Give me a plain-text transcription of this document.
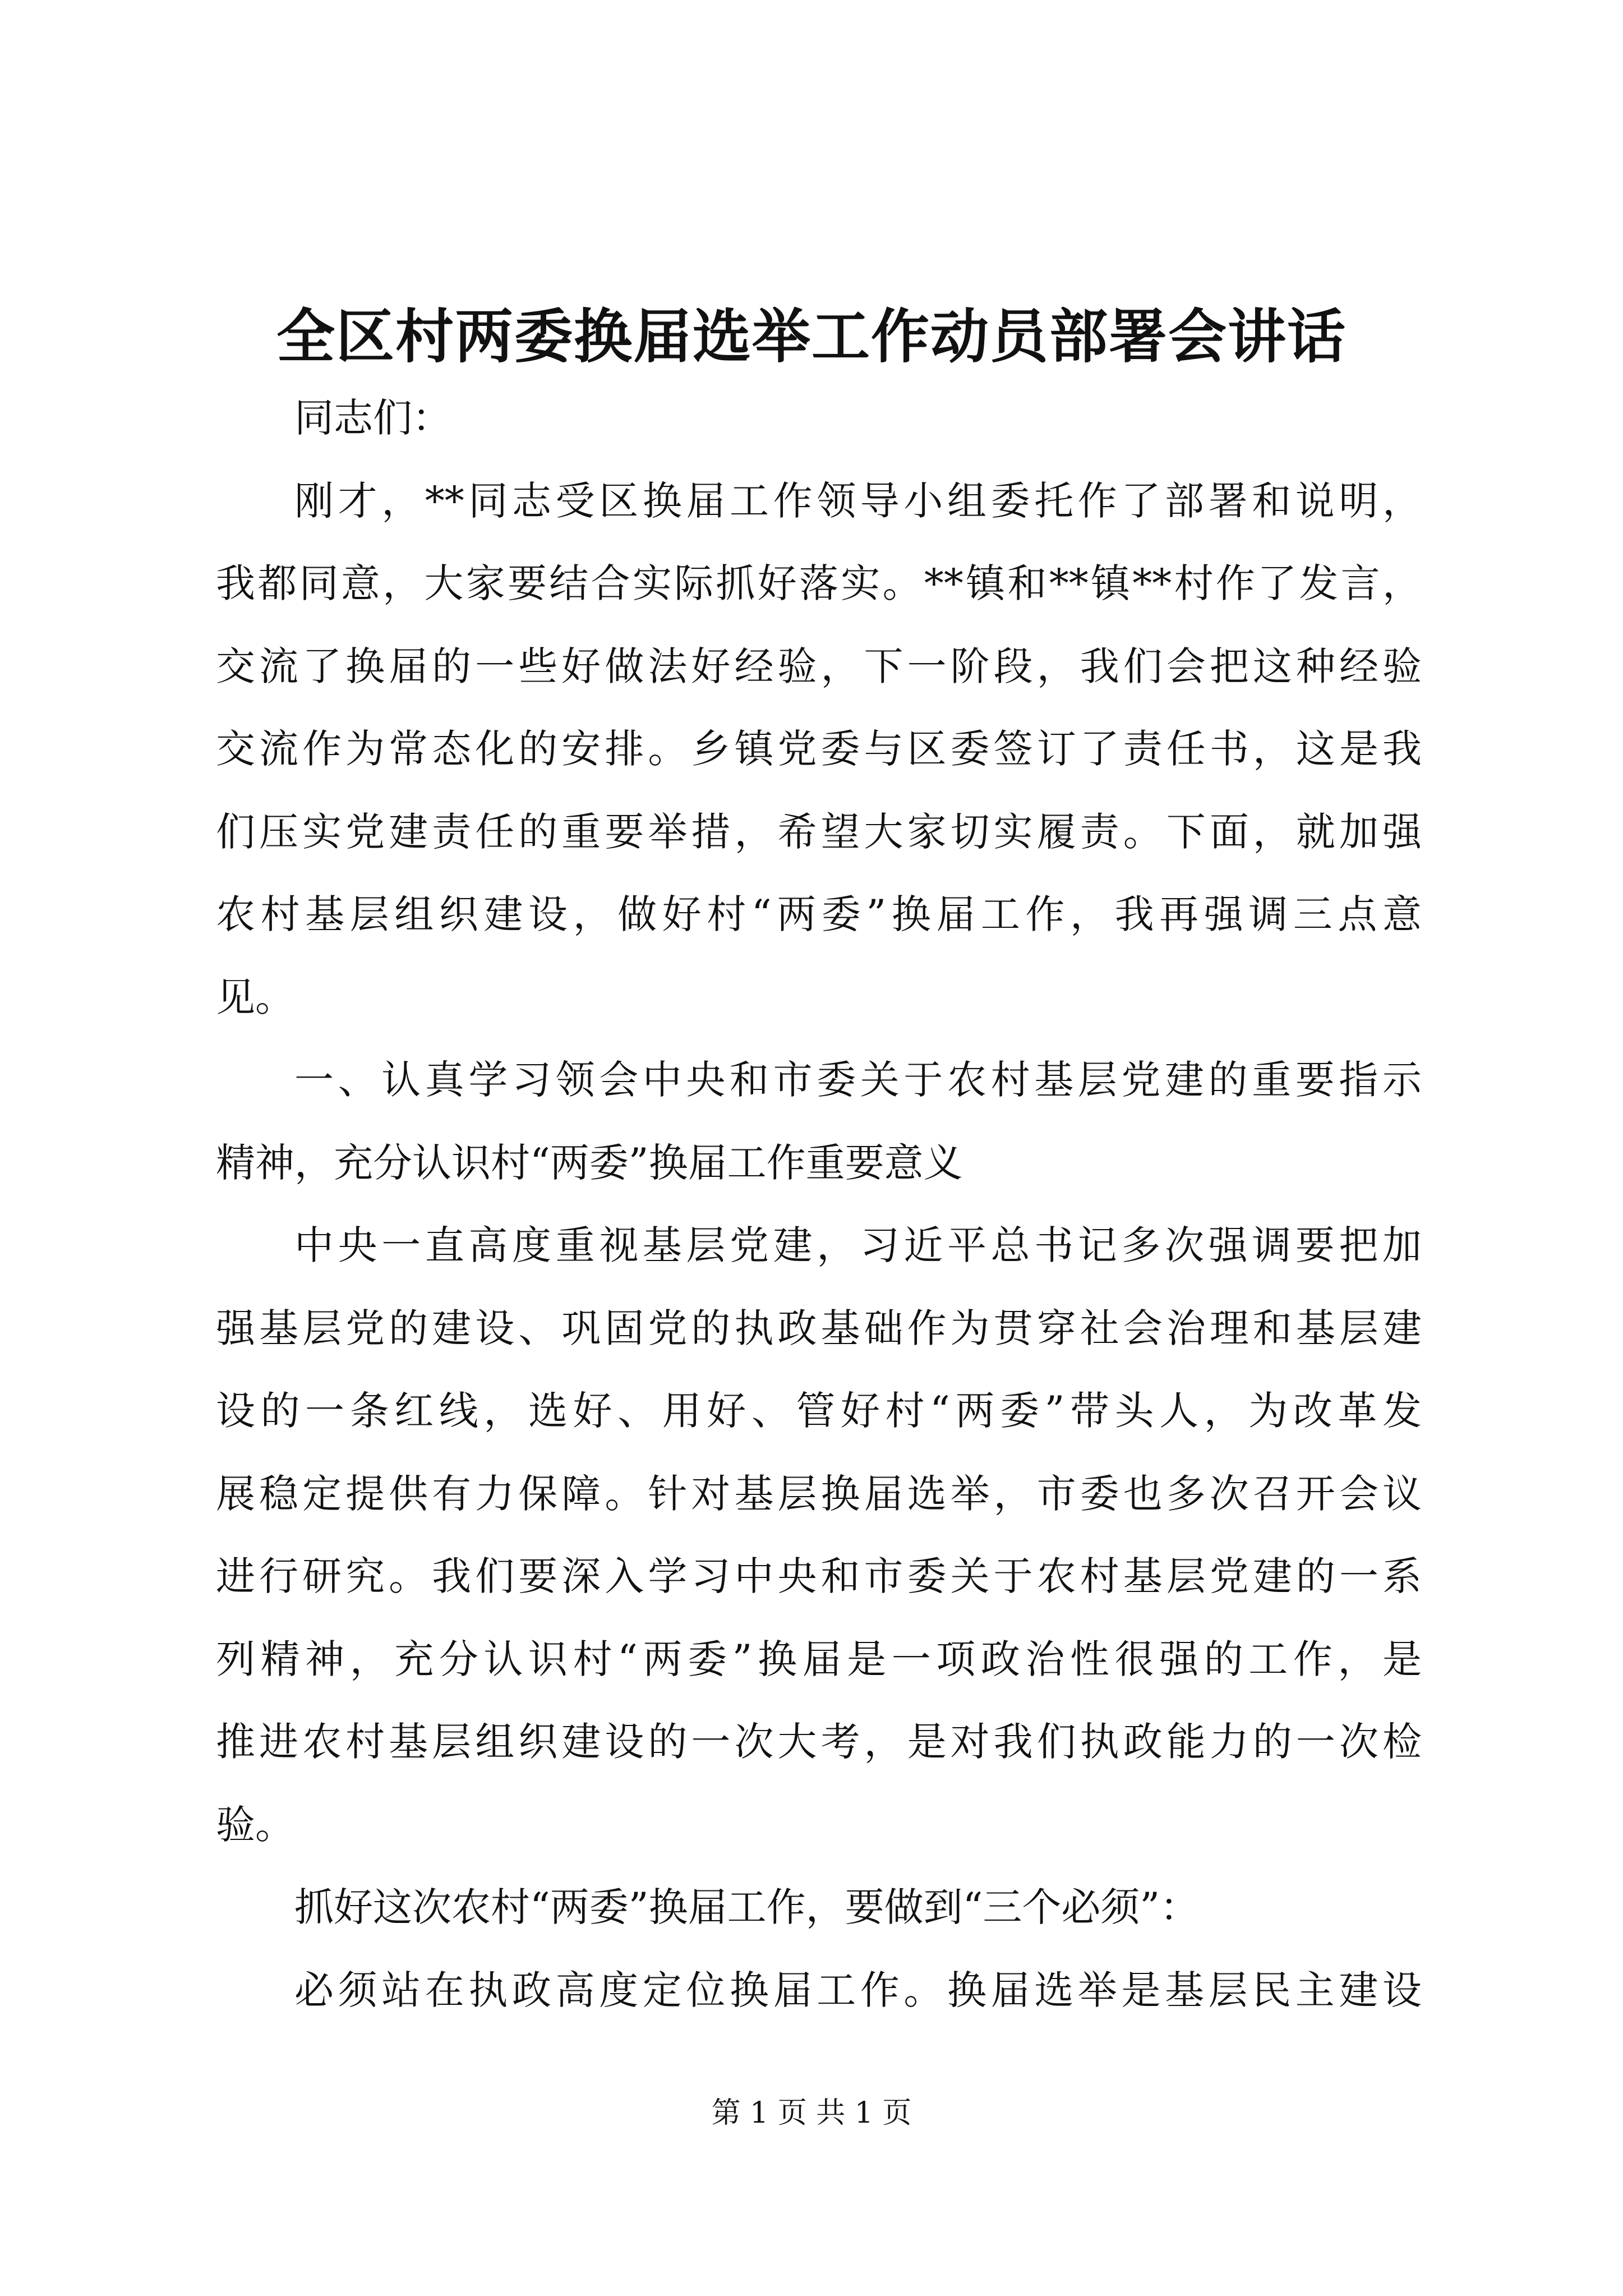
全区村两委换届选举工作动员部署会讲话
同志们：
刚才，**同志受区换届工作领导小组委托作了部署和说明，
我都同意，大家要结合实际抓好落实。**镇和**镇**村作了发言，
交流了换届的一些好做法好经验，下一阶段，我们会把这种经验
交流作为常态化的安排。乡镇党委与区委签订了责任书，这是我
们压实党建责任的重要举措，希望大家切实履责。下面，就加强
农村基层组织建设，做好村“两委”换届工作，我再强调三点意
见。
一、认真学习领会中央和市委关于农村基层党建的重要指示
精神，充分认识村“两委”换届工作重要意义
中央一直高度重视基层党建，习近平总书记多次强调要把加
强基层党的建设、巩固党的执政基础作为贯穿社会治理和基层建
设的一条红线，选好、用好、管好村“两委”带头人，为改革发
展稳定提供有力保障。针对基层换届选举，市委也多次召开会议
进行研究。我们要深入学习中央和市委关于农村基层党建的一系
列精神，充分认识村“两委”换届是一项政治性很强的工作，是
推进农村基层组织建设的一次大考，是对我们执政能力的一次检
验。
抓好这次农村“两委”换届工作，要做到“三个必须”：
必须站在执政高度定位换届工作。换届选举是基层民主建设
第 1 页 共 1 页
